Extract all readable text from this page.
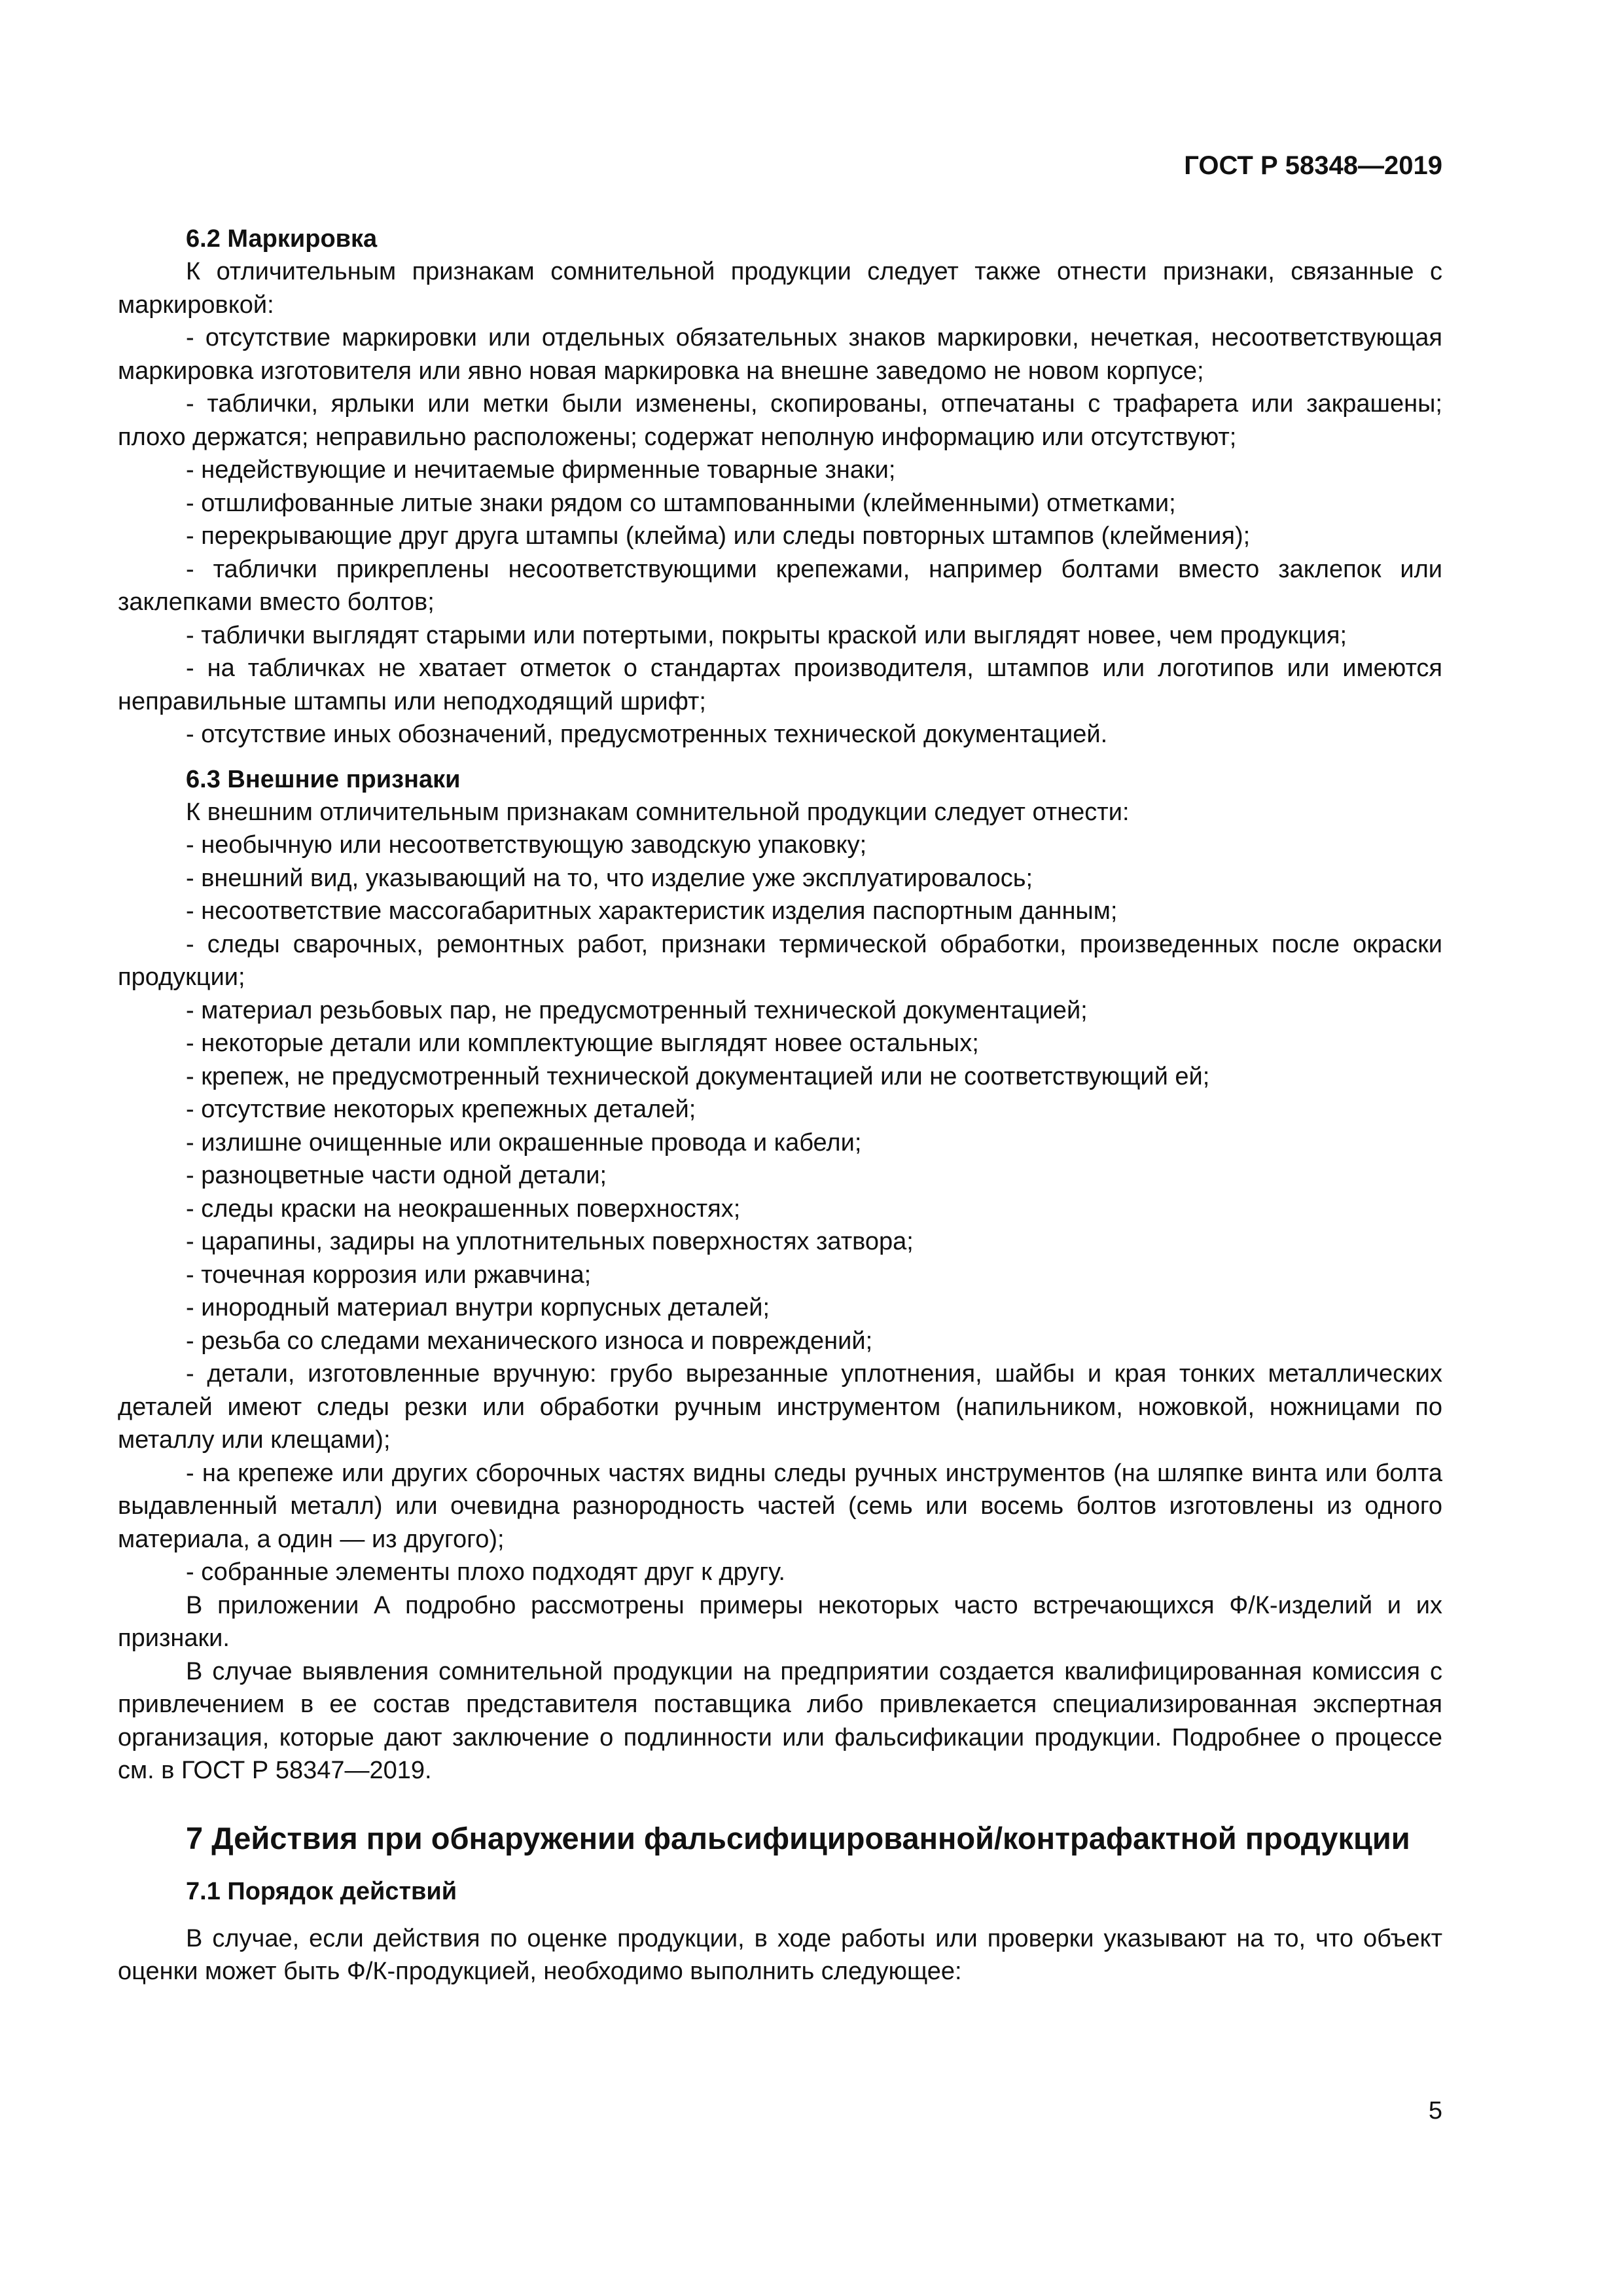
ГОСТ Р 58348—2019
6.2 Маркировка

К отличительным признакам сомнительной продукции следует также отнести признаки, связанные с маркировкой:

- отсутствие маркировки или отдельных обязательных знаков маркировки, нечеткая, несоответствующая маркировка изготовителя или явно новая маркировка на внешне заведомо не новом корпусе;

- таблички, ярлыки или метки были изменены, скопированы, отпечатаны с трафарета или закрашены; плохо держатся; неправильно расположены; содержат неполную информацию или отсутствуют;

- недействующие и нечитаемые фирменные товарные знаки;

- отшлифованные литые знаки рядом со штампованными (клейменными) отметками;

- перекрывающие друг друга штампы (клейма) или следы повторных штампов (клеймения);

- таблички прикреплены несоответствующими крепежами, например болтами вместо заклепок или заклепками вместо болтов;

- таблички выглядят старыми или потертыми, покрыты краской или выглядят новее, чем продукция;

- на табличках не хватает отметок о стандартах производителя, штампов или логотипов или имеются неправильные штампы или неподходящий шрифт;

- отсутствие иных обозначений, предусмотренных технической документацией.

6.3 Внешние признаки

К внешним отличительным признакам сомнительной продукции следует отнести:

- необычную или несоответствующую заводскую упаковку;

- внешний вид, указывающий на то, что изделие уже эксплуатировалось;

- несоответствие массогабаритных характеристик изделия паспортным данным;

- следы сварочных, ремонтных работ, признаки термической обработки, произведенных после окраски продукции;

- материал резьбовых пар, не предусмотренный технической документацией;

- некоторые детали или комплектующие выглядят новее остальных;

- крепеж, не предусмотренный технической документацией или не соответствующий ей;

- отсутствие некоторых крепежных деталей;

- излишне очищенные или окрашенные провода и кабели;

- разноцветные части одной детали;

- следы краски на неокрашенных поверхностях;

- царапины, задиры на уплотнительных поверхностях затвора;

- точечная коррозия или ржавчина;

- инородный материал внутри корпусных деталей;

- резьба со следами механического износа и повреждений;

- детали, изготовленные вручную: грубо вырезанные уплотнения, шайбы и края тонких металлических деталей имеют следы резки или обработки ручным инструментом (напильником, ножовкой, ножницами по металлу или клещами);

- на крепеже или других сборочных частях видны следы ручных инструментов (на шляпке винта или болта выдавленный металл) или очевидна разнородность частей (семь или восемь болтов изготовлены из одного материала, а один — из другого);

- собранные элементы плохо подходят друг к другу.

В приложении А подробно рассмотрены примеры некоторых часто встречающихся Ф/К-изделий и их признаки.

В случае выявления сомнительной продукции на предприятии создается квалифицированная комиссия с привлечением в ее состав представителя поставщика либо привлекается специализированная экспертная организация, которые дают заключение о подлинности или фальсификации продукции. Подробнее о процессе см. в ГОСТ Р 58347—2019.

7 Действия при обнаружении фальсифицированной/контрафактной продукции
7.1 Порядок действий

В случае, если действия по оценке продукции, в ходе работы или проверки указывают на то, что объект оценки может быть Ф/К-продукцией, необходимо выполнить следующее:

5
